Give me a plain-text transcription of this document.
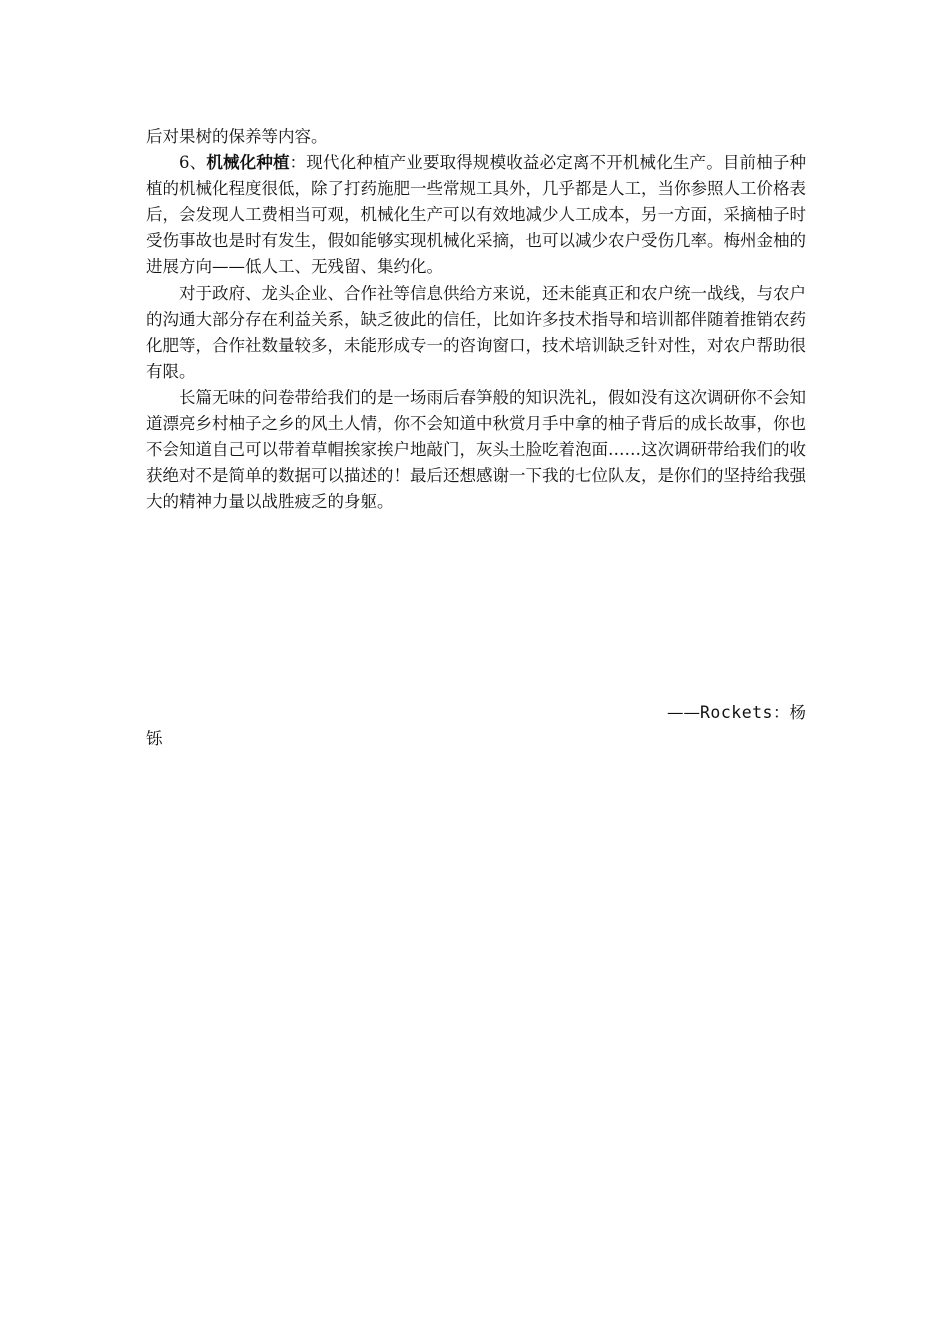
后对果树的保养等内容。

6、机械化种植：现代化种植产业要取得规模收益必定离不开机械化生产。目前柚子种植的机械化程度很低，除了打药施肥一些常规工具外，几乎都是人工，当你参照人工价格表后，会发现人工费相当可观，机械化生产可以有效地减少人工成本，另一方面，采摘柚子时受伤事故也是时有发生，假如能够实现机械化采摘，也可以减少农户受伤几率。梅州金柚的进展方向——低人工、无残留、集约化。

对于政府、龙头企业、合作社等信息供给方来说，还未能真正和农户统一战线，与农户的沟通大部分存在利益关系，缺乏彼此的信任，比如许多技术指导和培训都伴随着推销农药化肥等，合作社数量较多，未能形成专一的咨询窗口，技术培训缺乏针对性，对农户帮助很有限。

长篇无味的问卷带给我们的是一场雨后春笋般的知识洗礼，假如没有这次调研你不会知道漂亮乡村柚子之乡的风土人情，你不会知道中秋赏月手中拿的柚子背后的成长故事，你也不会知道自己可以带着草帽挨家挨户地敲门，灰头土脸吃着泡面……这次调研带给我们的收获绝对不是简单的数据可以描述的！最后还想感谢一下我的七位队友，是你们的坚持给我强大的精神力量以战胜疲乏的身躯。

——Rockets：杨
铄
